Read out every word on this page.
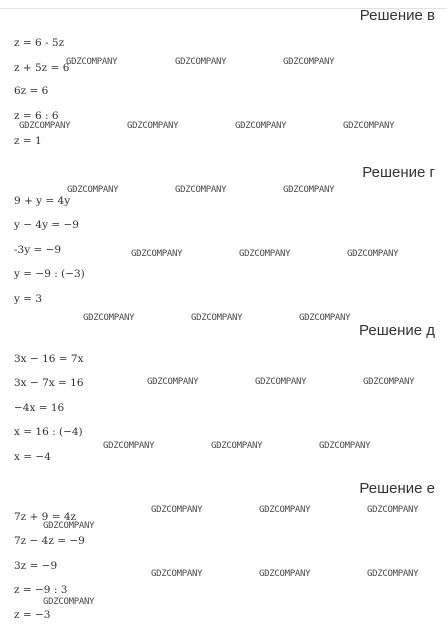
Решение в
z = 6 - 5z
z + 5z = 6
6z = 6
z = 6 : 6
z = 1
Решение г
9 + y = 4y
y − 4y = −9
-3y = −9
y = −9 : (−3)
y = 3
Решение д
3x − 16 = 7x
3x − 7x = 16
−4x = 16
x = 16 : (−4)
x = −4
Решение е
7z + 9 = 4z
7z − 4z = −9
3z = −9
z = −9 : 3
z = −3
GDZCOMPANY	GDZCOMPANY	GDZCOMPANY
GDZCOMPANY	GDZCOMPANY	GDZCOMPANY	GDZCOMPANY
GDZCOMPANY	GDZCOMPANY	GDZCOMPANY
GDZCOMPANY	GDZCOMPANY	GDZCOMPANY
GDZCOMPANY	GDZCOMPANY	GDZCOMPANY
GDZCOMPANY	GDZCOMPANY	GDZCOMPANY
GDZCOMPANY	GDZCOMPANY	GDZCOMPANY
GDZCOMPANY	GDZCOMPANY	GDZCOMPANY
GDZCOMPANY
GDZCOMPANY	GDZCOMPANY	GDZCOMPANY
GDZCOMPANY
